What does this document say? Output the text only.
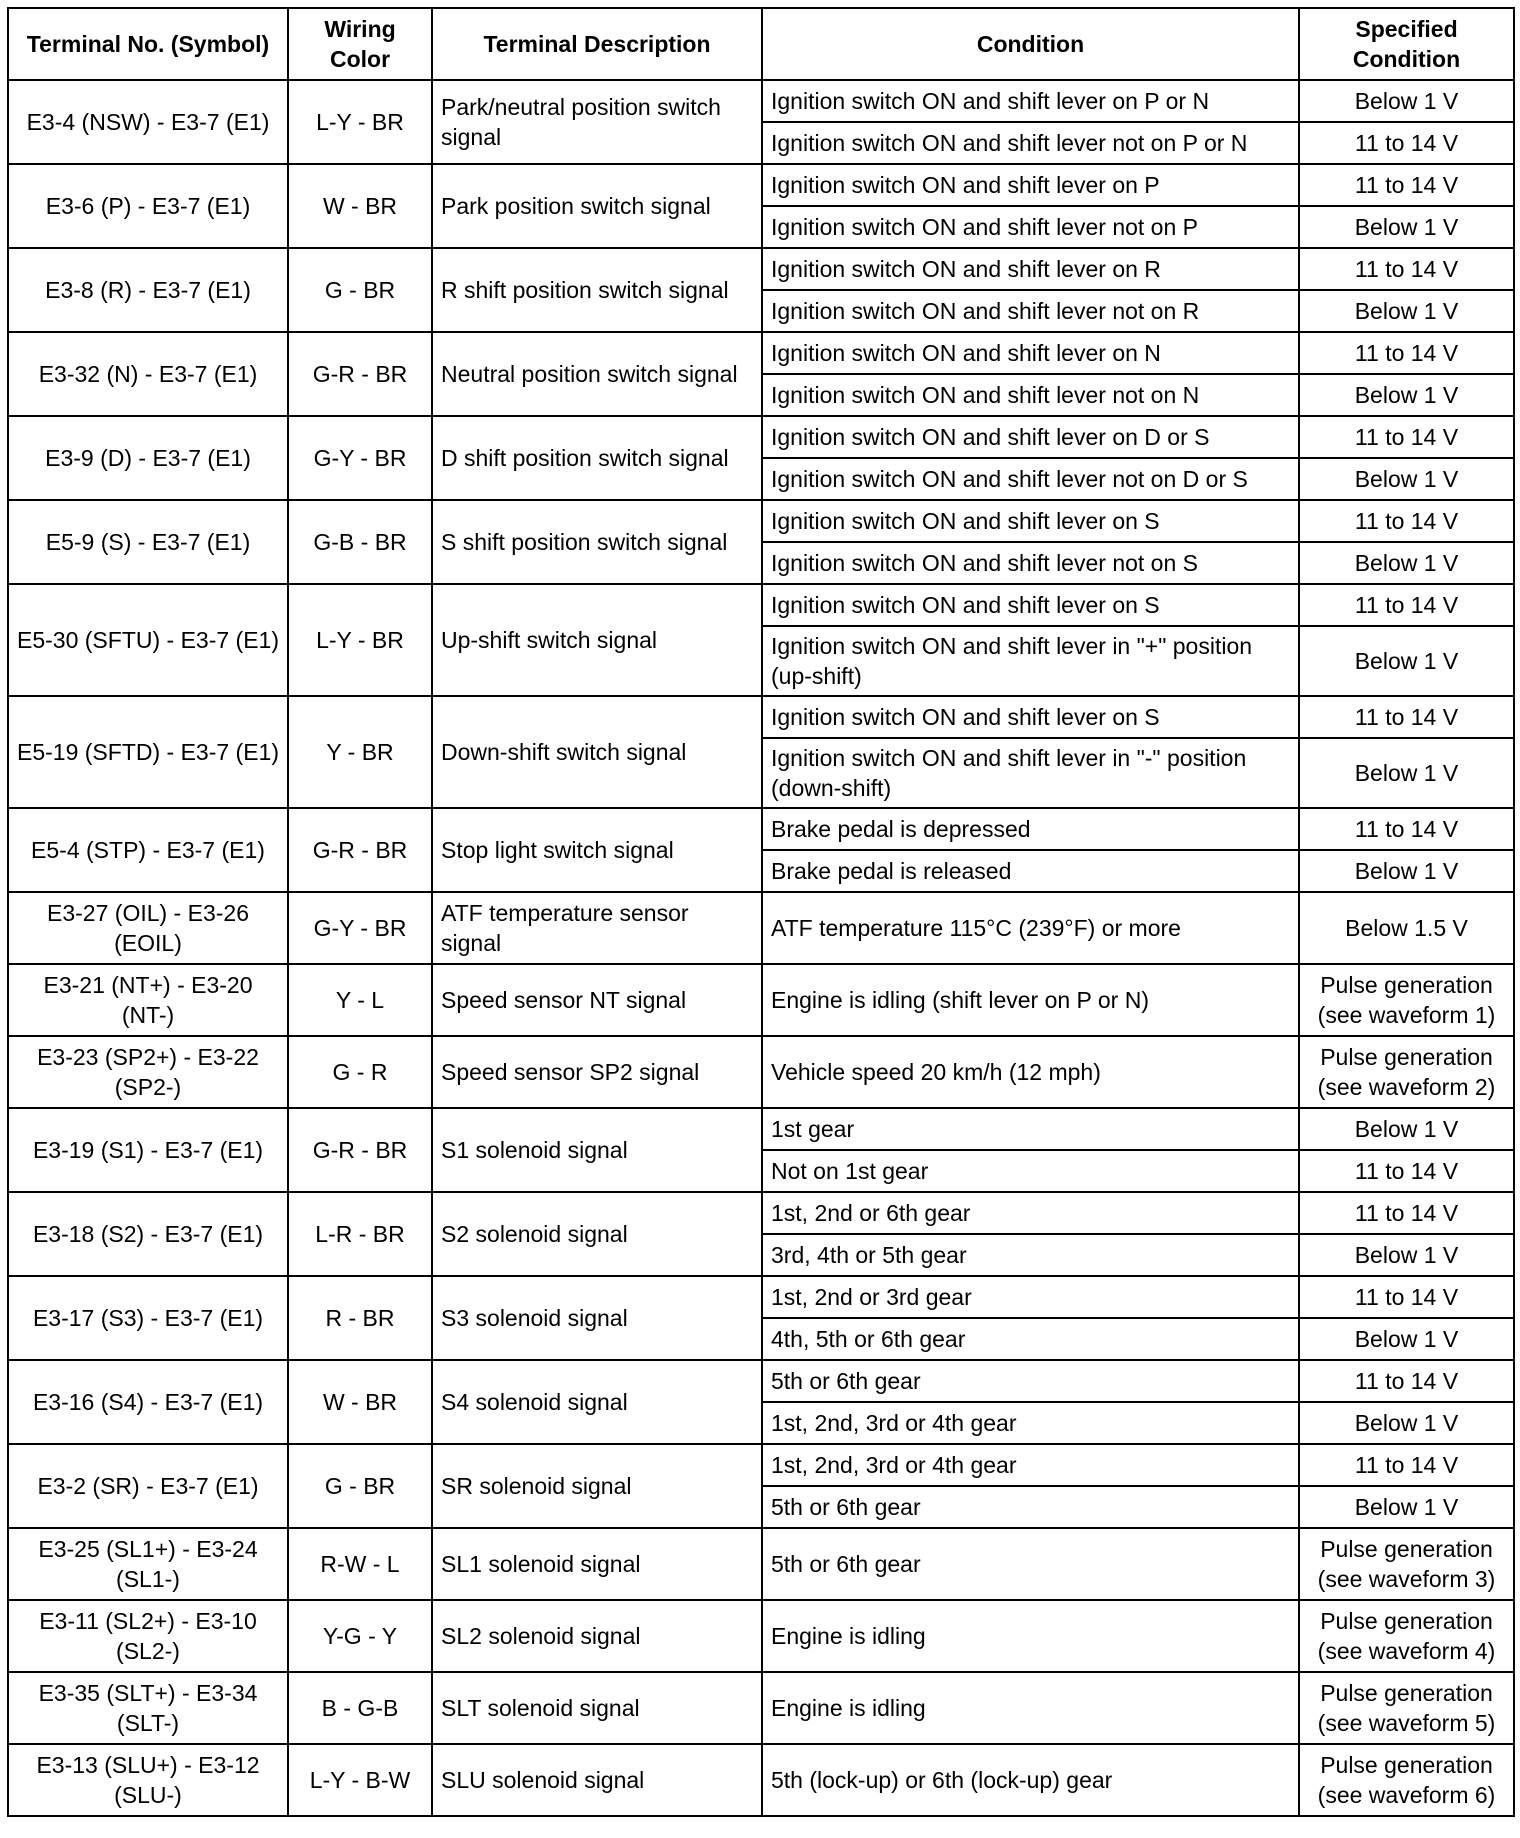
Terminal No. (Symbol)	Wiring Color	Terminal Description	Condition	Specified Condition
E3-4 (NSW) - E3-7 (E1)	L-Y - BR	Park/neutral position switch signal	Ignition switch ON and shift lever on P or N	Below 1 V
			Ignition switch ON and shift lever not on P or N	11 to 14 V
E3-6 (P) - E3-7 (E1)	W - BR	Park position switch signal	Ignition switch ON and shift lever on P	11 to 14 V
			Ignition switch ON and shift lever not on P	Below 1 V
E3-8 (R) - E3-7 (E1)	G - BR	R shift position switch signal	Ignition switch ON and shift lever on R	11 to 14 V
			Ignition switch ON and shift lever not on R	Below 1 V
E3-32 (N) - E3-7 (E1)	G-R - BR	Neutral position switch signal	Ignition switch ON and shift lever on N	11 to 14 V
			Ignition switch ON and shift lever not on N	Below 1 V
E3-9 (D) - E3-7 (E1)	G-Y - BR	D shift position switch signal	Ignition switch ON and shift lever on D or S	11 to 14 V
			Ignition switch ON and shift lever not on D or S	Below 1 V
E5-9 (S) - E3-7 (E1)	G-B - BR	S shift position switch signal	Ignition switch ON and shift lever on S	11 to 14 V
			Ignition switch ON and shift lever not on S	Below 1 V
E5-30 (SFTU) - E3-7 (E1)	L-Y - BR	Up-shift switch signal	Ignition switch ON and shift lever on S	11 to 14 V
			Ignition switch ON and shift lever in "+" position (up-shift)	Below 1 V
E5-19 (SFTD) - E3-7 (E1)	Y - BR	Down-shift switch signal	Ignition switch ON and shift lever on S	11 to 14 V
			Ignition switch ON and shift lever in "-" position (down-shift)	Below 1 V
E5-4 (STP) - E3-7 (E1)	G-R - BR	Stop light switch signal	Brake pedal is depressed	11 to 14 V
			Brake pedal is released	Below 1 V
E3-27 (OIL) - E3-26 (EOIL)	G-Y - BR	ATF temperature sensor signal	ATF temperature 115°C (239°F) or more	Below 1.5 V
E3-21 (NT+) - E3-20 (NT-)	Y - L	Speed sensor NT signal	Engine is idling (shift lever on P or N)	Pulse generation (see waveform 1)
E3-23 (SP2+) - E3-22 (SP2-)	G - R	Speed sensor SP2 signal	Vehicle speed 20 km/h (12 mph)	Pulse generation (see waveform 2)
E3-19 (S1) - E3-7 (E1)	G-R - BR	S1 solenoid signal	1st gear	Below 1 V
			Not on 1st gear	11 to 14 V
E3-18 (S2) - E3-7 (E1)	L-R - BR	S2 solenoid signal	1st, 2nd or 6th gear	11 to 14 V
			3rd, 4th or 5th gear	Below 1 V
E3-17 (S3) - E3-7 (E1)	R - BR	S3 solenoid signal	1st, 2nd or 3rd gear	11 to 14 V
			4th, 5th or 6th gear	Below 1 V
E3-16 (S4) - E3-7 (E1)	W - BR	S4 solenoid signal	5th or 6th gear	11 to 14 V
			1st, 2nd, 3rd or 4th gear	Below 1 V
E3-2 (SR) - E3-7 (E1)	G - BR	SR solenoid signal	1st, 2nd, 3rd or 4th gear	11 to 14 V
			5th or 6th gear	Below 1 V
E3-25 (SL1+) - E3-24 (SL1-)	R-W - L	SL1 solenoid signal	5th or 6th gear	Pulse generation (see waveform 3)
E3-11 (SL2+) - E3-10 (SL2-)	Y-G - Y	SL2 solenoid signal	Engine is idling	Pulse generation (see waveform 4)
E3-35 (SLT+) - E3-34 (SLT-)	B - G-B	SLT solenoid signal	Engine is idling	Pulse generation (see waveform 5)
E3-13 (SLU+) - E3-12 (SLU-)	L-Y - B-W	SLU solenoid signal	5th (lock-up) or 6th (lock-up) gear	Pulse generation (see waveform 6)
